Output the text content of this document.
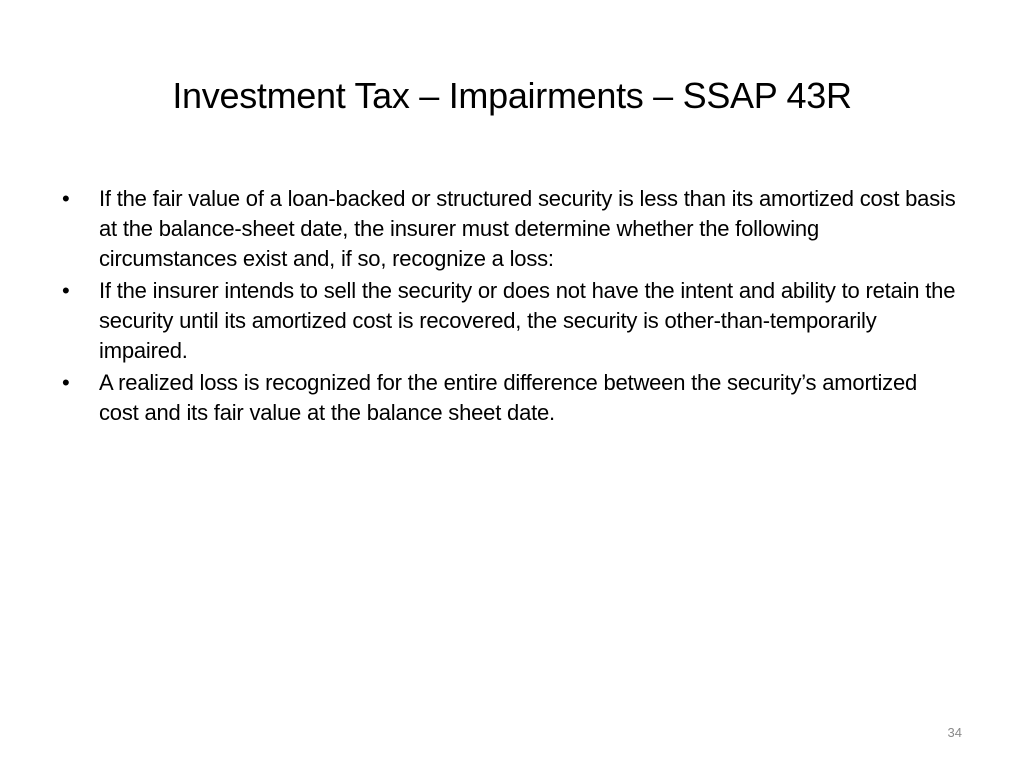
Investment Tax – Impairments – SSAP 43R
• If the fair value of a loan-backed or structured security is less than its amortized cost basis at the balance-sheet date, the insurer must determine whether the following circumstances exist and, if so, recognize a loss:
• If the insurer intends to sell the security or does not have the intent and ability to retain the security until its amortized cost is recovered, the security is other-than-temporarily impaired.
• A realized loss is recognized for the entire difference between the security’s amortized cost and its fair value at the balance sheet date.
34
